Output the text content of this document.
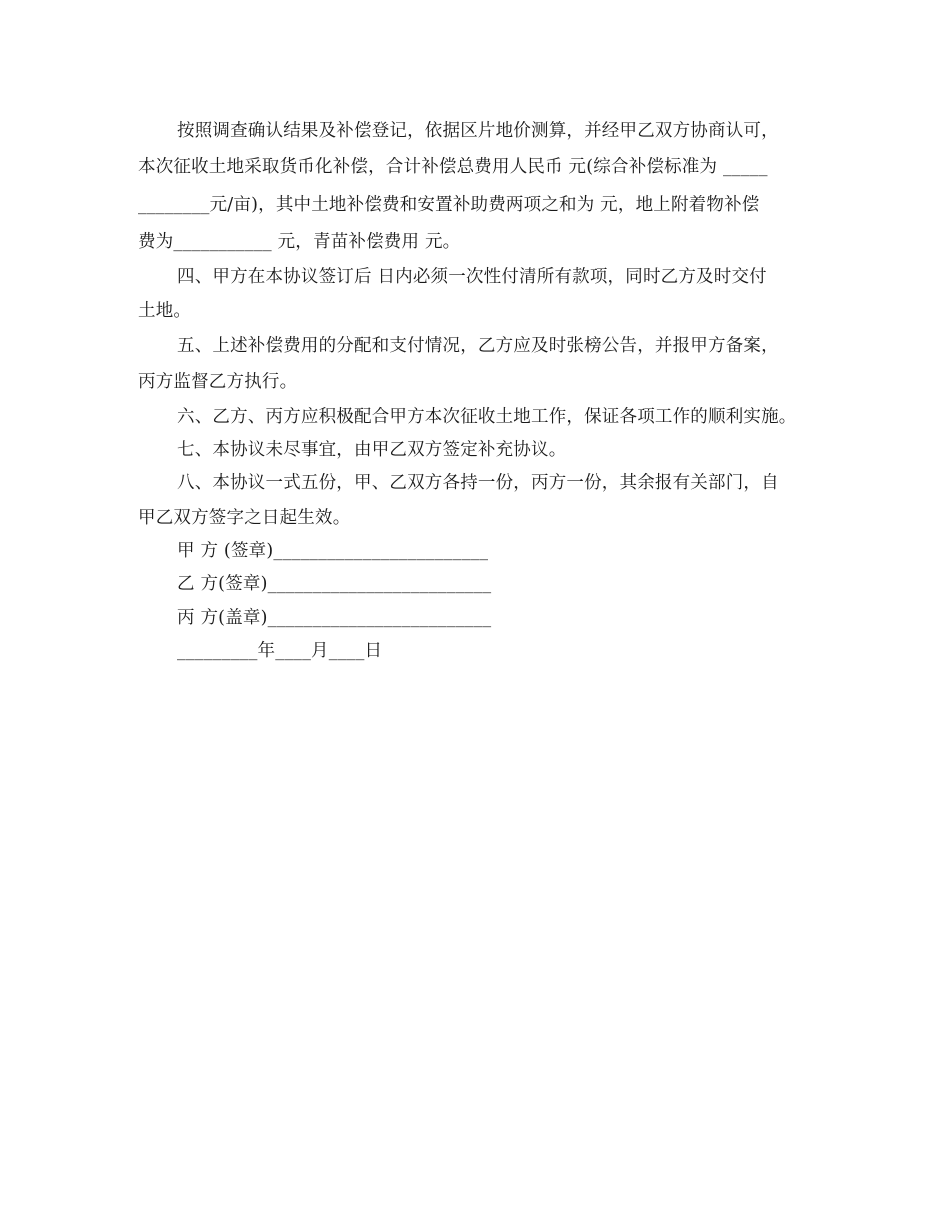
按照调查确认结果及补偿登记，依据区片地价测算，并经甲乙双方协商认可，
本次征收土地采取货币化补偿，合计补偿总费用人民币 元(综合补偿标准为 _____
________元/亩)，其中土地补偿费和安置补助费两项之和为 元，地上附着物补偿
费为___________ 元，青苗补偿费用 元。
四、甲方在本协议签订后 日内必须一次性付清所有款项，同时乙方及时交付
土地。
五、上述补偿费用的分配和支付情况，乙方应及时张榜公告，并报甲方备案，
丙方监督乙方执行。
六、乙方、丙方应积极配合甲方本次征收土地工作，保证各项工作的顺利实施。
七、本协议未尽事宜，由甲乙双方签定补充协议。
八、本协议一式五份，甲、乙双方各持一份，丙方一份，其余报有关部门，自
甲乙双方签字之日起生效。
甲 方 (签章)________________________
乙 方(签章)_________________________
丙 方(盖章)_________________________
_________年____月____日
